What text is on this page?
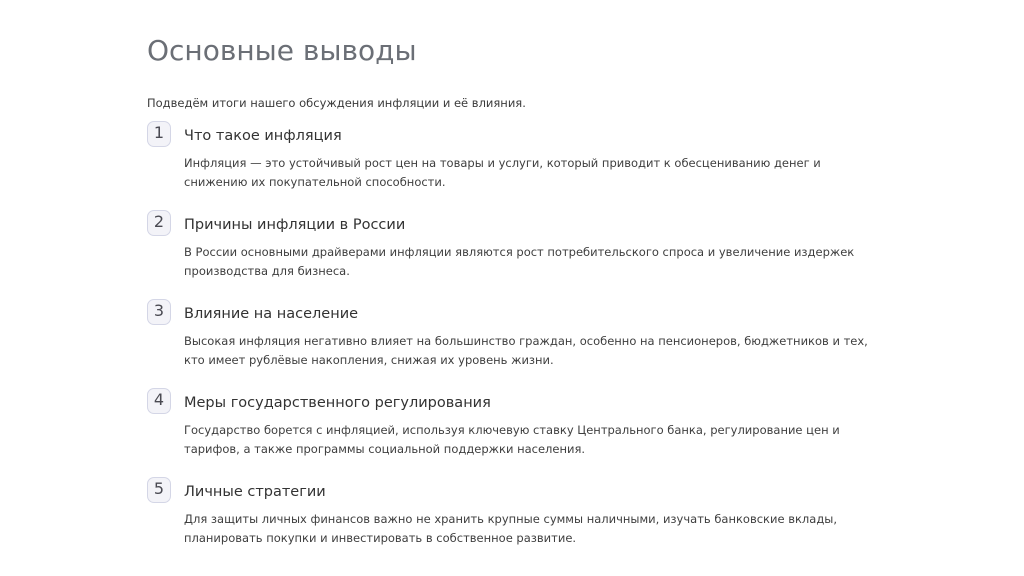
Основные выводы

Подведём итоги нашего обсуждения инфляции и её влияния.

1	Что такое инфляция

Инфляция — это устойчивый рост цен на товары и услуги, который приводит к обесцениванию денег и снижению их покупательной способности.

2	Причины инфляции в России

В России основными драйверами инфляции являются рост потребительского спроса и увеличение издержек производства для бизнеса.

3	Влияние на население

Высокая инфляция негативно влияет на большинство граждан, особенно на пенсионеров, бюджетников и тех, кто имеет рублёвые накопления, снижая их уровень жизни.

4	Меры государственного регулирования

Государство борется с инфляцией, используя ключевую ставку Центрального банка, регулирование цен и тарифов, а также программы социальной поддержки населения.

5	Личные стратегии

Для защиты личных финансов важно не хранить крупные суммы наличными, изучать банковские вклады, планировать покупки и инвестировать в собственное развитие.
